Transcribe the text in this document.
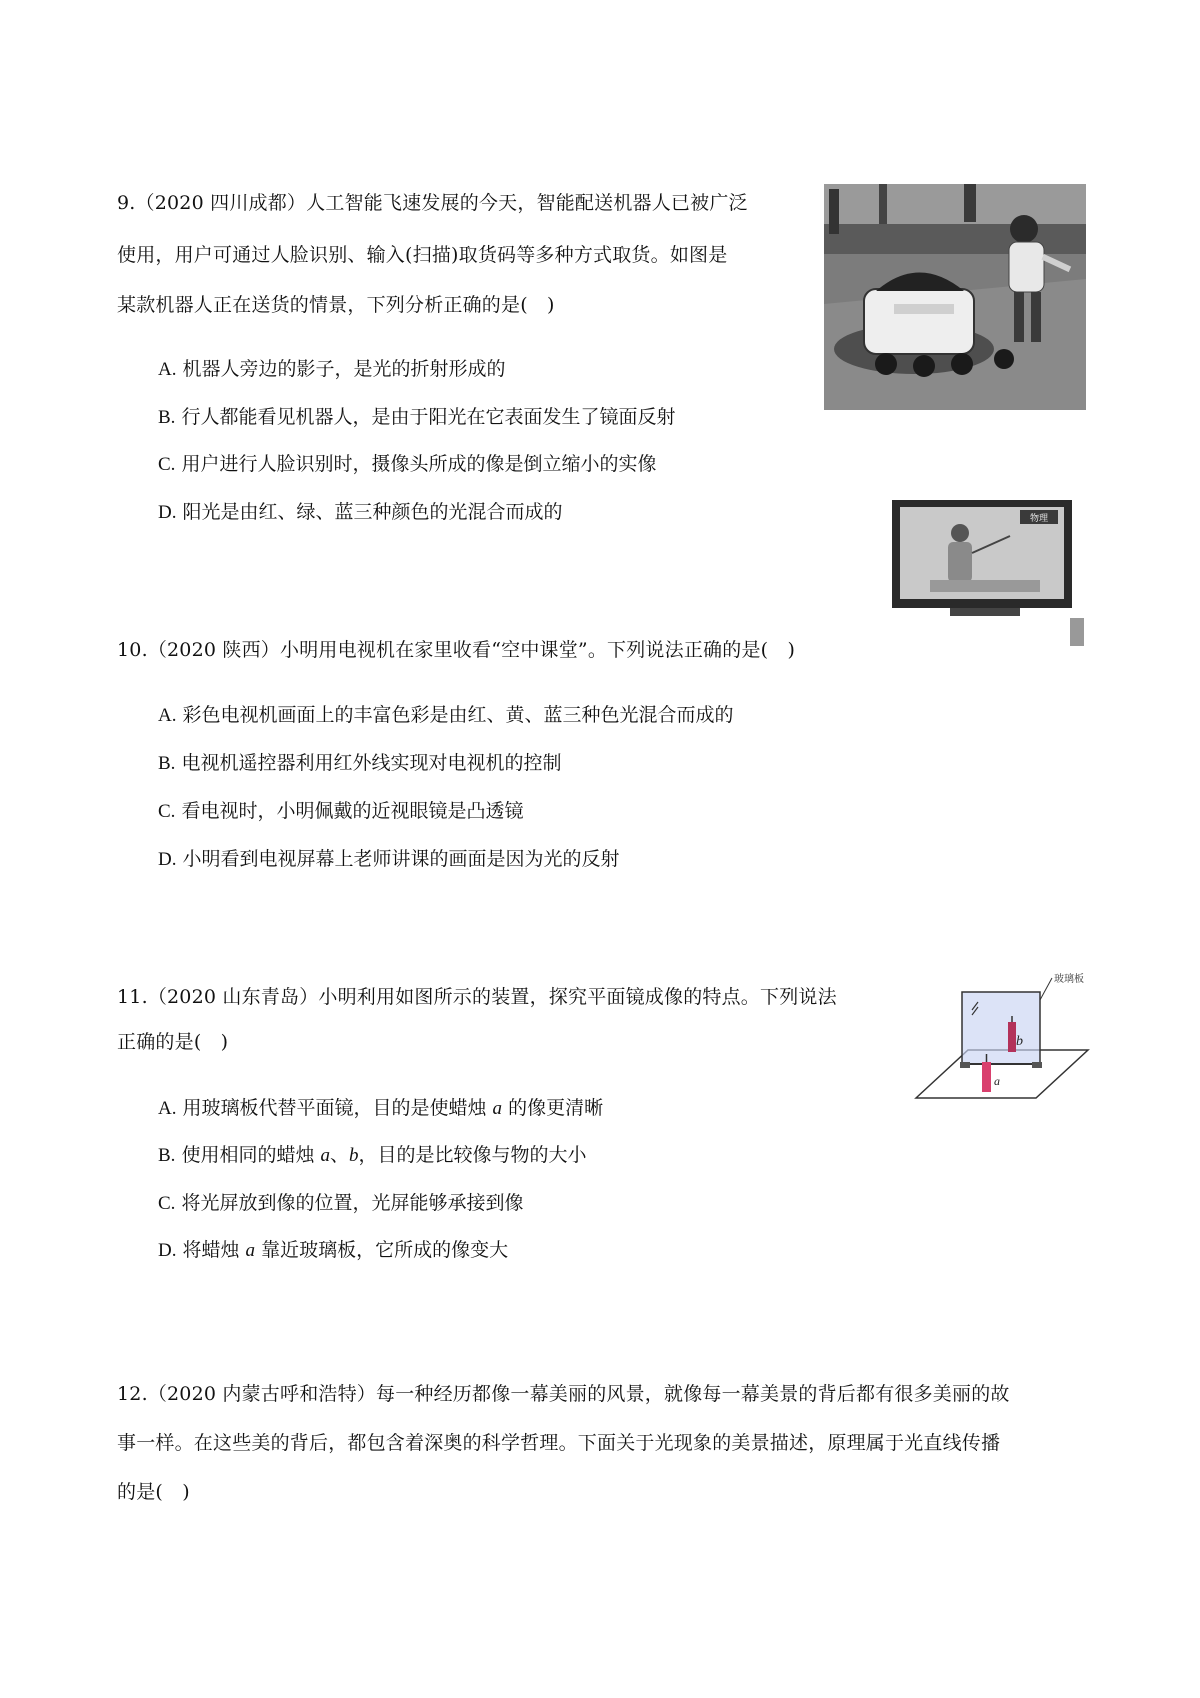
9.（2020 四川成都）人工智能飞速发展的今天，智能配送机器人已被广泛
使用，用户可通过人脸识别、输入(扫描)取货码等多种方式取货。如图是
某款机器人正在送货的情景，下列分析正确的是(　)
A. 机器人旁边的影子，是光的折射形成的
B. 行人都能看见机器人，是由于阳光在它表面发生了镜面反射
C. 用户进行人脸识别时，摄像头所成的像是倒立缩小的实像
D. 阳光是由红、绿、蓝三种颜色的光混合而成的
10.（2020 陕西）小明用电视机在家里收看“空中课堂”。下列说法正确的是(　)
A. 彩色电视机画面上的丰富色彩是由红、黄、蓝三种色光混合而成的
B. 电视机遥控器利用红外线实现对电视机的控制
C. 看电视时，小明佩戴的近视眼镜是凸透镜
D. 小明看到电视屏幕上老师讲课的画面是因为光的反射
物理
11.（2020 山东青岛）小明利用如图所示的装置，探究平面镜成像的特点。下列说法
正确的是(　)
A. 用玻璃板代替平面镜，目的是使蜡烛 a 的像更清晰
B. 使用相同的蜡烛 a、b，目的是比较像与物的大小
C. 将光屏放到像的位置，光屏能够承接到像
D. 将蜡烛 a 靠近玻璃板，它所成的像变大
玻璃板
b
a
12.（2020 内蒙古呼和浩特）每一种经历都像一幕美丽的风景，就像每一幕美景的背后都有很多美丽的故
事一样。在这些美的背后，都包含着深奥的科学哲理。下面关于光现象的美景描述，原理属于光直线传播
的是(　)
